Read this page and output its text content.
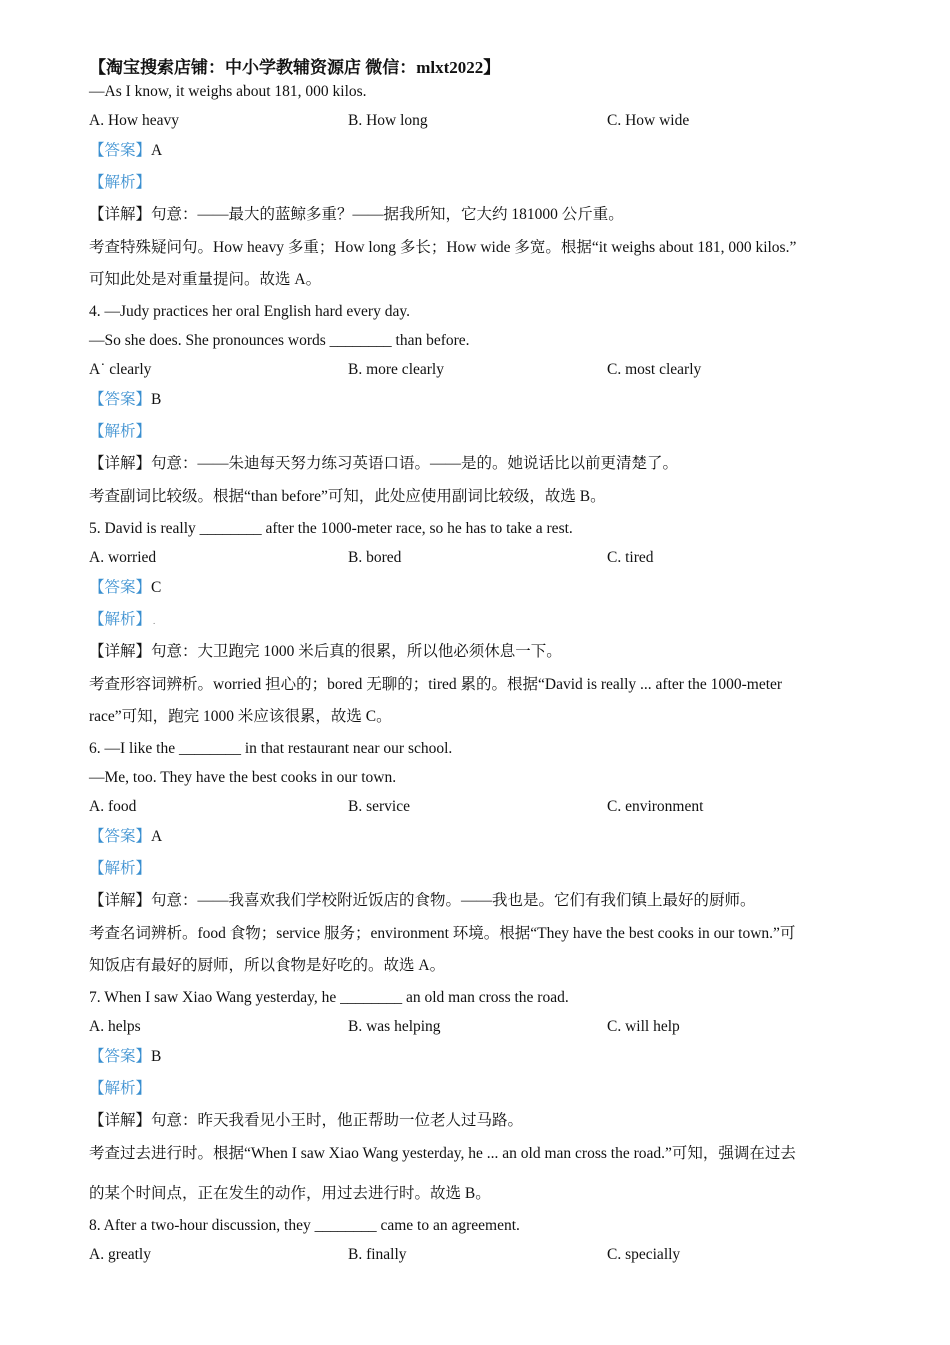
【淘宝搜索店铺：中小学教辅资源店 微信：mlxt2022】
—As I know, it weighs about 181, 000 kilos.
A. How heavy	B. How long	C. How wide
【答案】A
【解析】
【详解】句意：——最大的蓝鲸多重？——据我所知，它大约 181000 公斤重。
考查特殊疑问句。How heavy 多重；How long 多长；How wide 多宽。根据“it weighs about 181, 000 kilos.”
可知此处是对重量提问。故选 A。
4. —Judy practices her oral English hard every day.
—So she does. She pronounces words ________ than before.
A˙ clearly	B. more clearly	C. most clearly
【答案】B
【解析】
【详解】句意：——朱迪每天努力练习英语口语。——是的。她说话比以前更清楚了。
考查副词比较级。根据“than before”可知，此处应使用副词比较级，故选 B。
5. David is really ________ after the 1000-meter race, so he has to take a rest.
A. worried	B. bored	C. tired
【答案】C
【解析】 .
【详解】句意：大卫跑完 1000 米后真的很累，所以他必须休息一下。
考查形容词辨析。worried 担心的；bored 无聊的；tired 累的。根据“David is really ... after the 1000-meter
race”可知，跑完 1000 米应该很累，故选 C。
6. —I like the ________ in that restaurant near our school.
—Me, too. They have the best cooks in our town.
A. food	B. service	C. environment
【答案】A
【解析】
【详解】句意：——我喜欢我们学校附近饭店的食物。——我也是。它们有我们镇上最好的厨师。
考查名词辨析。food 食物；service 服务；environment 环境。根据“They have the best cooks in our town.”可
知饭店有最好的厨师，所以食物是好吃的。故选 A。
7. When I saw Xiao Wang yesterday, he ________ an old man cross the road.
A. helps	B. was helping	C. will help
【答案】B
【解析】
【详解】句意：昨天我看见小王时，他正帮助一位老人过马路。
考查过去进行时。根据“When I saw Xiao Wang yesterday, he ... an old man cross the road.”可知，强调在过去
的某个时间点，正在发生的动作，用过去进行时。故选 B。
8. After a two-hour discussion, they ________ came to an agreement.
A. greatly	B. finally	C. specially
